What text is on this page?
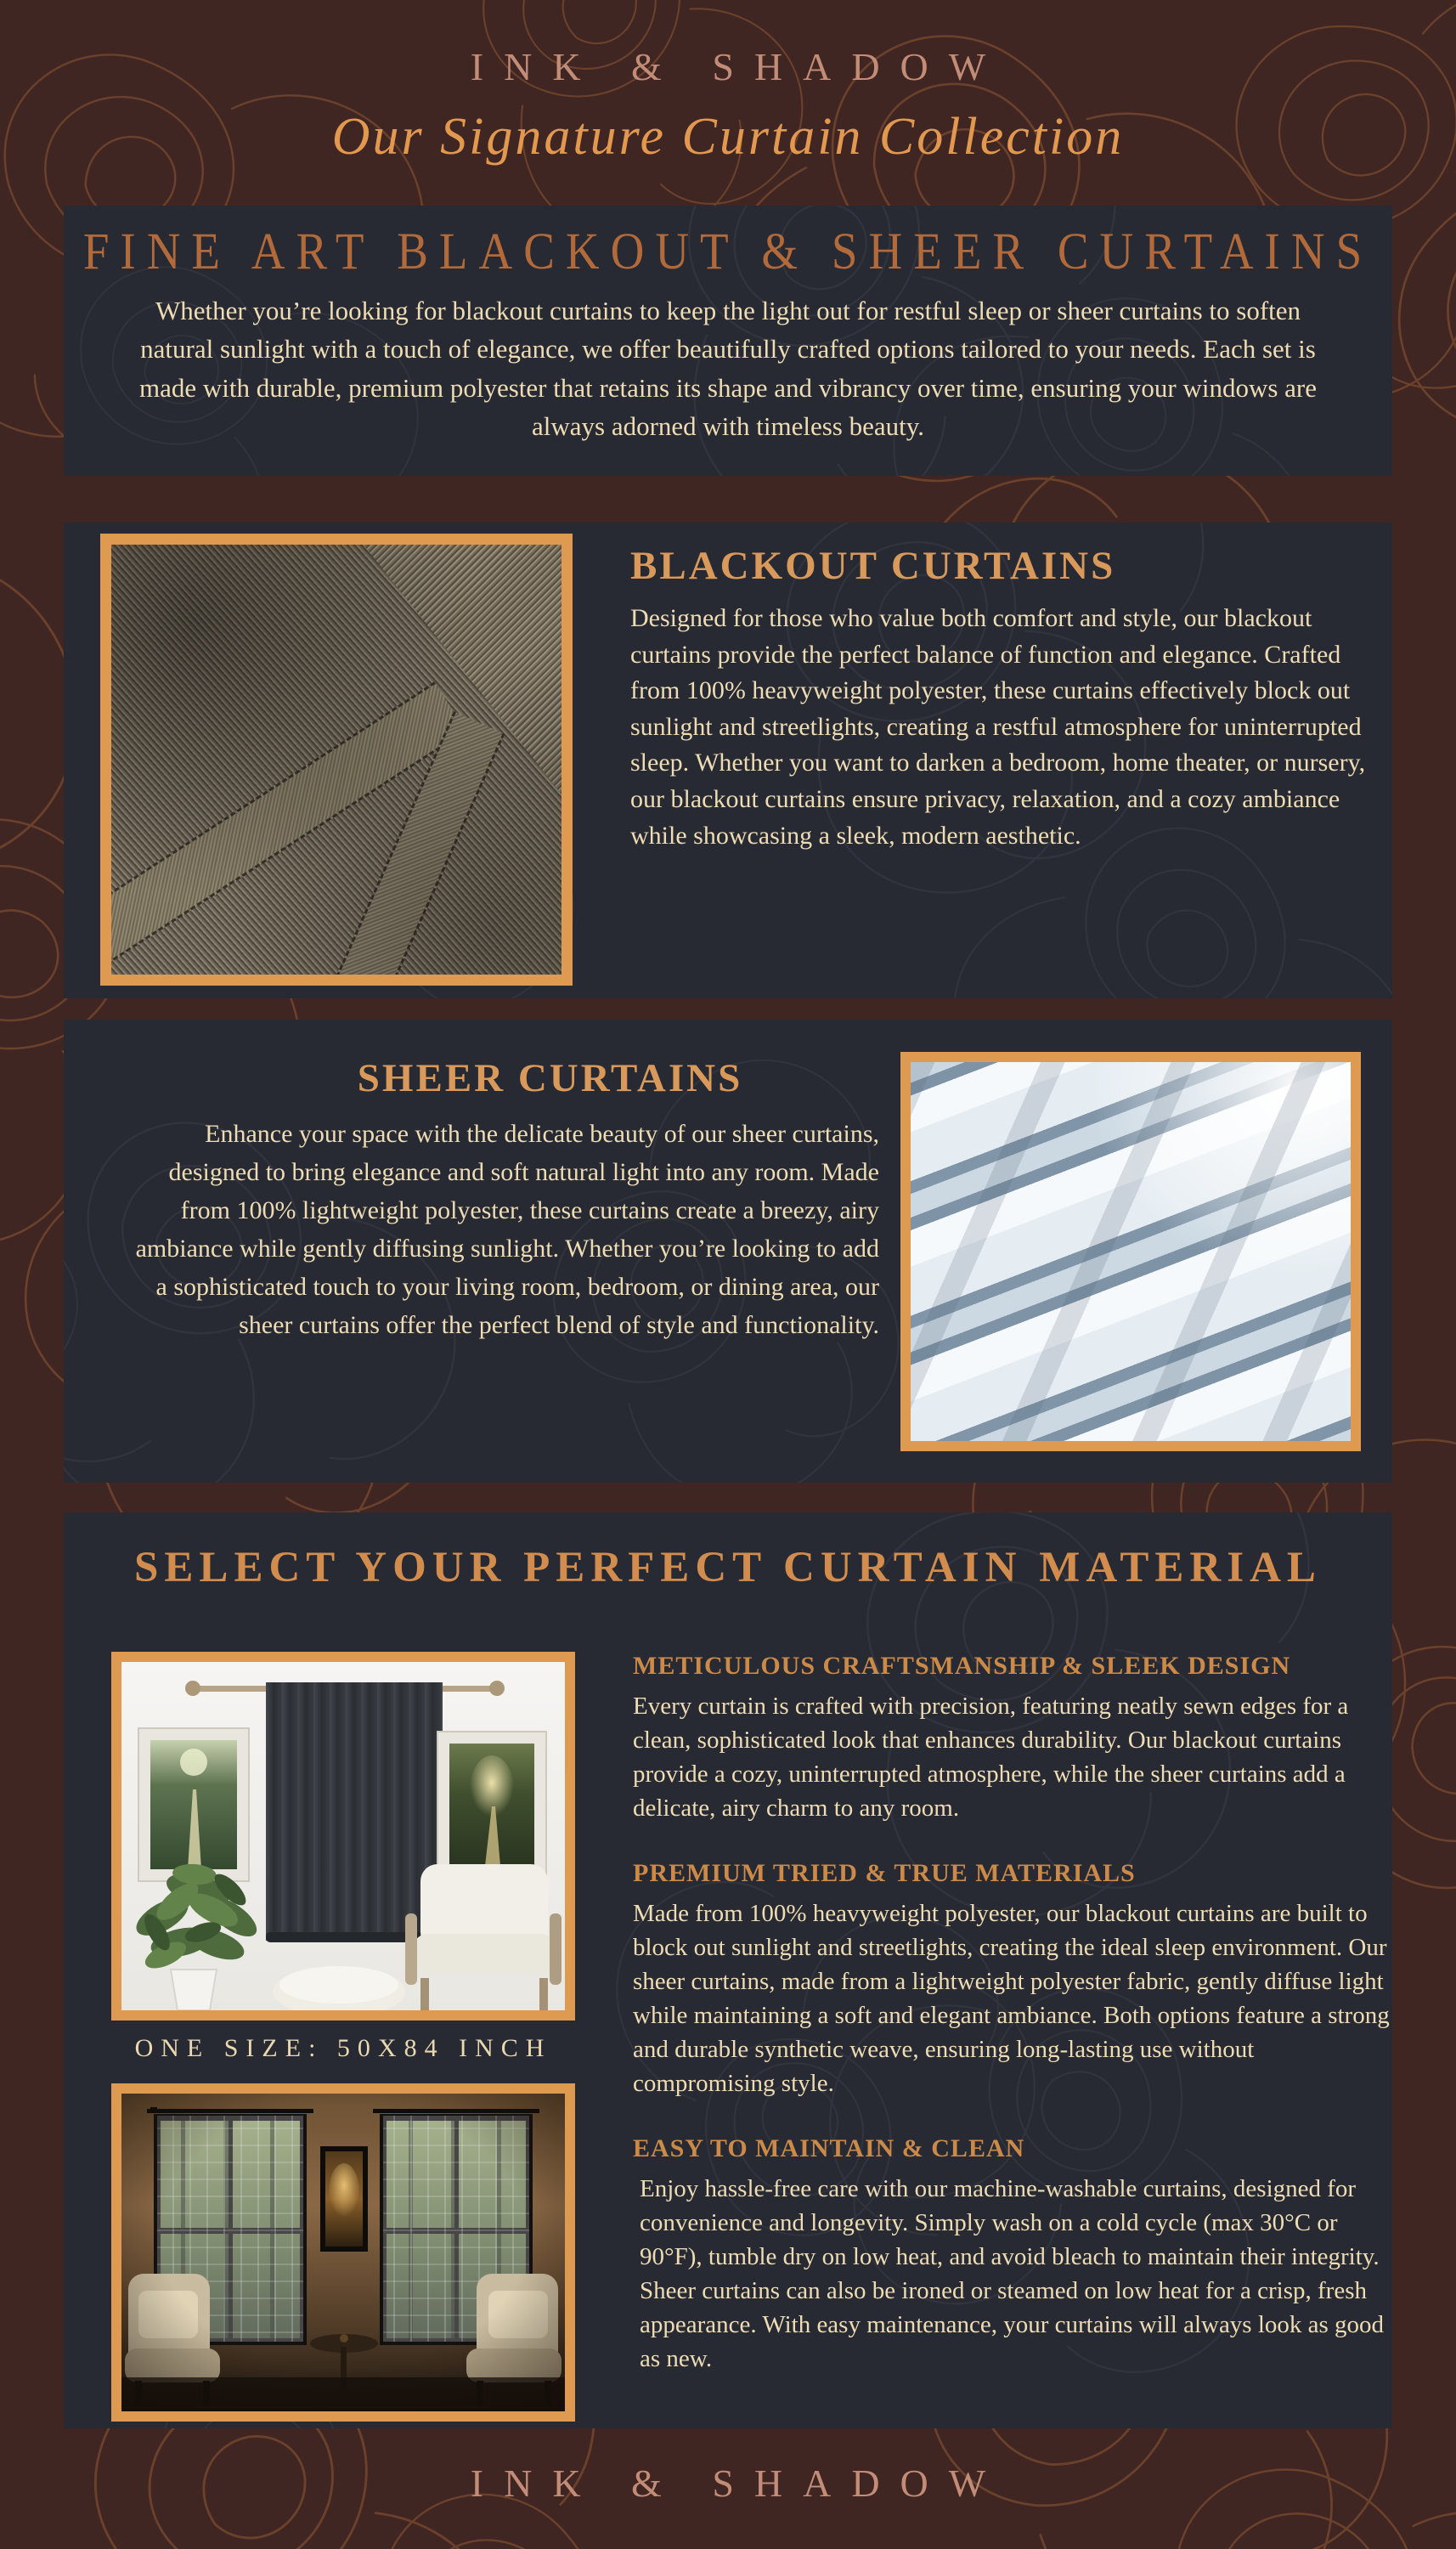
INK & SHADOW
Our Signature Curtain Collection
FINE ART BLACKOUT & SHEER CURTAINS
Whether you’re looking for blackout curtains to keep the light out for restful sleep or sheer curtains to soften natural sunlight with a touch of elegance, we offer beautifully crafted options tailored to your needs. Each set is made with durable, premium polyester that retains its shape and vibrancy over time, ensuring your windows are always adorned with timeless beauty.
BLACKOUT CURTAINS
Designed for those who value both comfort and style, our blackout curtains provide the perfect balance of function and elegance. Crafted from 100% heavyweight polyester, these curtains effectively block out sunlight and streetlights, creating a restful atmosphere for uninterrupted sleep. Whether you want to darken a bedroom, home theater, or nursery, our blackout curtains ensure privacy, relaxation, and a cozy ambiance while showcasing a sleek, modern aesthetic.
SHEER CURTAINS
Enhance your space with the delicate beauty of our sheer curtains, designed to bring elegance and soft natural light into any room. Made from 100% lightweight polyester, these curtains create a breezy, airy ambiance while gently diffusing sunlight. Whether you’re looking to add a sophisticated touch to your living room, bedroom, or dining area, our sheer curtains offer the perfect blend of style and functionality.
SELECT YOUR PERFECT CURTAIN MATERIAL
ONE SIZE: 50X84 INCH
METICULOUS CRAFTSMANSHIP & SLEEK DESIGN
Every curtain is crafted with precision, featuring neatly sewn edges for a clean, sophisticated look that enhances durability. Our blackout curtains provide a cozy, uninterrupted atmosphere, while the sheer curtains add a delicate, airy charm to any room.
PREMIUM TRIED & TRUE MATERIALS
Made from 100% heavyweight polyester, our blackout curtains are built to block out sunlight and streetlights, creating the ideal sleep environment. Our sheer curtains, made from a lightweight polyester fabric, gently diffuse light while maintaining a soft and elegant ambiance. Both options feature a strong and durable synthetic weave, ensuring long-lasting use without compromising style.
EASY TO MAINTAIN & CLEAN
Enjoy hassle-free care with our machine-washable curtains, designed for convenience and longevity. Simply wash on a cold cycle (max 30°C or 90°F), tumble dry on low heat, and avoid bleach to maintain their integrity. Sheer curtains can also be ironed or steamed on low heat for a crisp, fresh appearance. With easy maintenance, your curtains will always look as good as new.
INK & SHADOW
